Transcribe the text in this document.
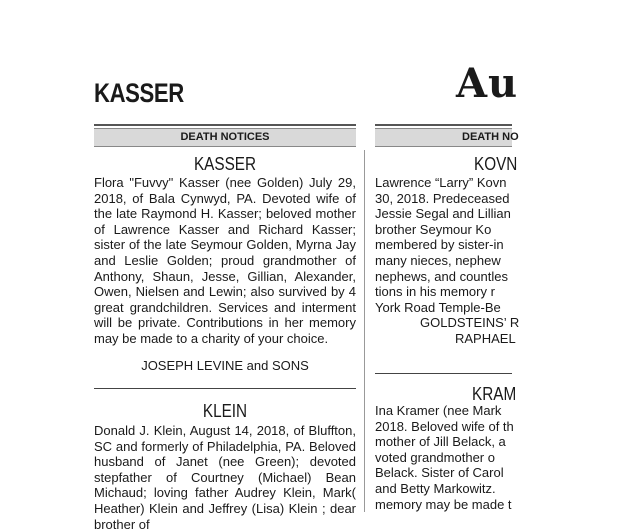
KASSER	Au
DEATH NOTICES	DEATH NO
KASSER
Flora "Fuvvy" Kasser (nee Golden) July 29, 2018, of Bala Cynwyd, PA. Devoted wife of the late Raymond H. Kasser; beloved mother of Lawrence Kasser and Richard Kasser; sister of the late Seymour Golden, Myrna Jay and Leslie Golden; proud grandmother of Anthony, Shaun, Jesse, Gillian, Alexander, Owen, Nielsen and Lewin; also survived by 4 great grandchildren. Services and interment will be private. Contributions in her memory may be made to a charity of your choice.
JOSEPH LEVINE and SONS
KLEIN
Donald J. Klein, August 14, 2018, of Bluffton, SC and formerly of Philadelphia, PA. Beloved husband of Janet (nee Green); devoted stepfather of Courtney (Michael) Bean Michaud; loving father Audrey Klein, Mark( Heather) Klein and Jeffrey (Lisa) Klein ; dear brother of
KOVN
Lawrence “Larry” Kovn
30, 2018. Predeceased
Jessie Segal and Lillian
brother Seymour Ko
membered by sister-in
many nieces, nephew
nephews, and countles
tions in his memory r
York Road Temple-Be
GOLDSTEINS’ R
RAPHAEL
KRAM
Ina Kramer (nee Mark
2018. Beloved wife of th
mother of Jill Belack, a
voted grandmother o
Belack. Sister of Carol
and Betty Markowitz.
memory may be made t
